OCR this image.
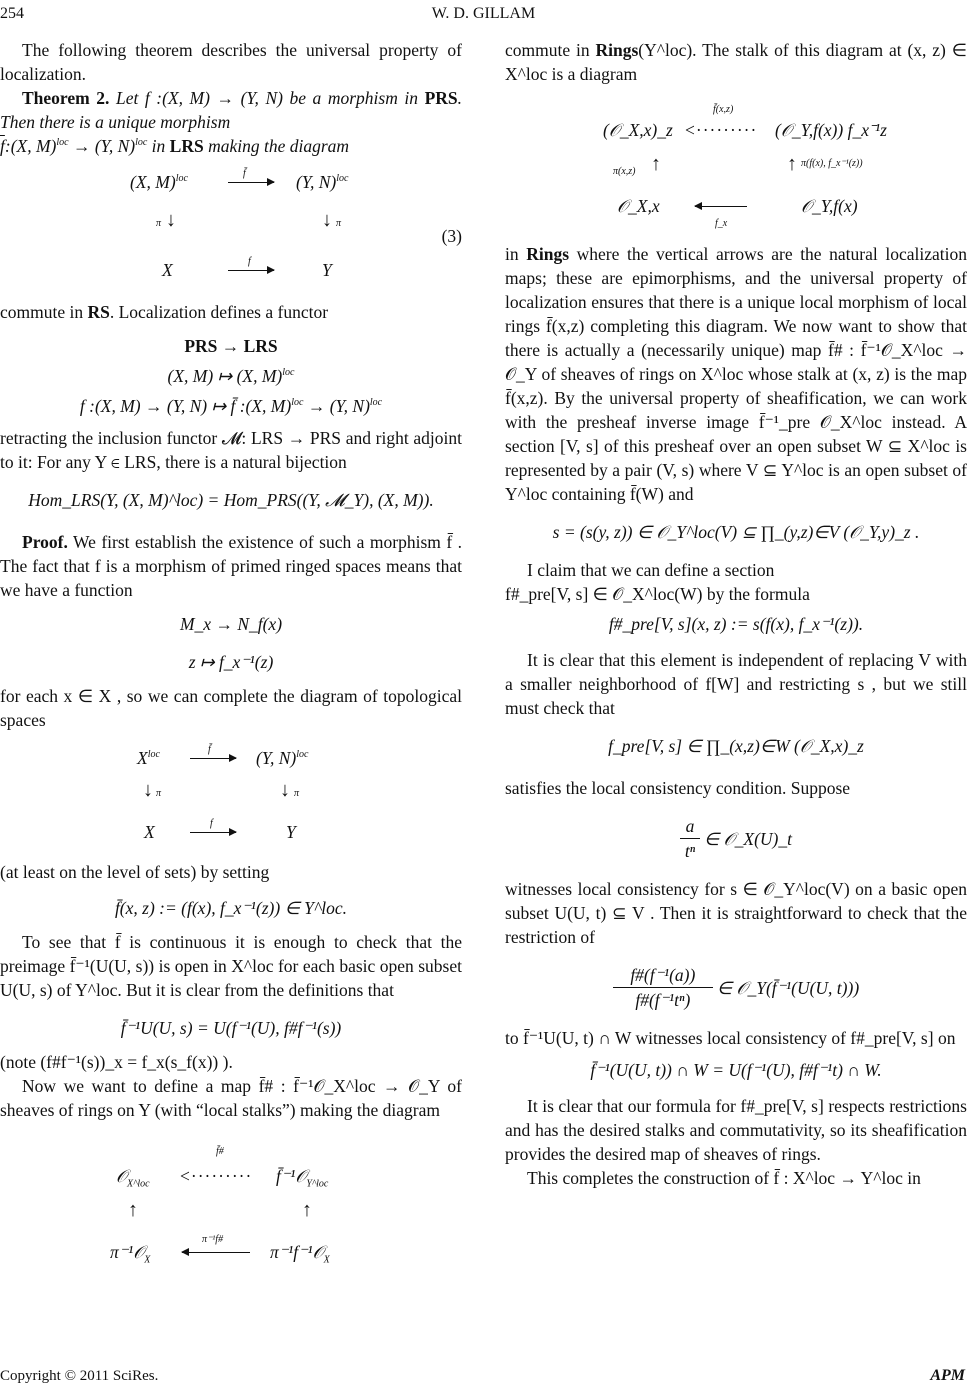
254	W. D. GILLAM

The following theorem describes the universal property of localization.

Theorem 2. Let f :(X, M) → (Y, N) be a morphism in PRS. Then there is a unique morphism
$\overline{f}:(X$, M)$^{loc}$ → (Y, N)$^{loc}$ in LRS making the diagram

(X, M)$^{loc}$	f̄	(Y, N)$^{loc}$
↓
π	↓ π
(3)
X	f	Y

commute in RS. Localization defines a functor

PRS → LRS
(X, M) ↦ (X, M)$^{loc}$
f :(X, M) → (Y, N) ↦ f̄ :(X, M)$^{loc}$ → (Y, N)$^{loc}$

retracting the inclusion functor 𝓜: LRS → PRS and right adjoint to it: For any Y ∈ LRS, there is a natural bijection

Hom_LRS(Y, (X, M)^loc) = Hom_PRS((Y, 𝓜_Y), (X, M)).

Proof. We first establish the existence of such a morphism f̄ . The fact that f is a morphism of primed ringed spaces means that we have a function

M_x → N_f(x)
z ↦ f_x⁻¹(z)

for each x ∈ X , so we can complete the diagram of topological spaces

$X^{loc}$	f̄	(Y, N)$^{loc}$
↓ π	↓ π
X	f	Y

(at least on the level of sets) by setting

f̄(x, z) := (f(x), f_x⁻¹(z)) ∈ Y^loc.

To see that f̄ is continuous it is enough to check that the preimage f̄⁻¹(U(U, s)) is open in X^loc for each basic open subset U(U, s) of Y^loc. But it is clear from the definitions that

f̄⁻¹U(U, s) = U(f⁻¹(U), f#f⁻¹(s))

(note (f#f⁻¹(s))_x = f_x(s_f(x)) ).

Now we want to define a map f̄# : f̄⁻¹𝒪_X^loc → 𝒪_Y of sheaves of rings on Y (with “local stalks”) making the diagram

f̄#
𝒪$_{X\^{}loc}$ <········· f̄⁻¹𝒪$_{Y\^{}loc}$
↑	↑
π⁻¹f#
π⁻¹𝒪$_X$	π⁻¹f⁻¹𝒪$_X$

commute in Rings(Y^loc). The stalk of this diagram at (x, z) ∈ X^loc is a diagram

f̄(x,z)
(𝒪_X,x)_z <········· (𝒪_Y,f(x)) f_x⁻¹z
π(x,z) ↑	↑ π(f(x), f_x⁻¹(z))
𝒪_X,x
f_x
𝒪_Y,f(x)

in Rings where the vertical arrows are the natural localization maps; these are epimorphisms, and the universal property of localization ensures that there is a unique local morphism of local rings f̄(x,z) completing this diagram. We now want to show that there is actually a (necessarily unique) map f̄# : f̄⁻¹𝒪_X^loc → 𝒪_Y of sheaves of rings on X^loc whose stalk at (x, z) is the map f̄(x,z). By the universal property of sheafification, we can work with the presheaf inverse image f̄⁻¹_pre 𝒪_X^loc instead. A section [V, s] of this presheaf over an open subset W ⊆ X^loc is represented by a pair (V, s) where V ⊆ Y^loc is an open subset of Y^loc containing f̄(W) and

s = (s(y, z)) ∈ 𝒪_Y^loc(V) ⊆ ∏_(y,z)∈V (𝒪_Y,y)_z .

I claim that we can define a section

f#_pre[V, s] ∈ 𝒪_X^loc(W) by the formula

f#_pre[V, s](x, z) := s(f(x), f_x⁻¹(z)).

It is clear that this element is independent of replacing V with a smaller neighborhood of f[W] and restricting s , but we still must check that

f_pre[V, s] ∈ ∏_(x,z)∈W (𝒪_X,x)_z

satisfies the local consistency condition. Suppose

a
tⁿ
∈ 𝒪_X(U)_t

witnesses local consistency for s ∈ 𝒪_Y^loc(V) on a basic open subset U(U, t) ⊆ V . Then it is straightforward to check that the restriction of

f#(f⁻¹(a))
f#(f⁻¹tⁿ)
∈ 𝒪_Y(f̄⁻¹(U(U, t)))

to f̄⁻¹U(U, t) ∩ W witnesses local consistency of f#_pre[V, s] on

f̄⁻¹(U(U, t)) ∩ W = U(f⁻¹(U), f#f⁻¹t) ∩ W.

It is clear that our formula for f#_pre[V, s] respects restrictions and has the desired stalks and commutativity, so its sheafification provides the desired map of sheaves of rings.

This completes the construction of f̄ : X^loc → Y^loc in

Copyright © 2011 SciRes.	APM
